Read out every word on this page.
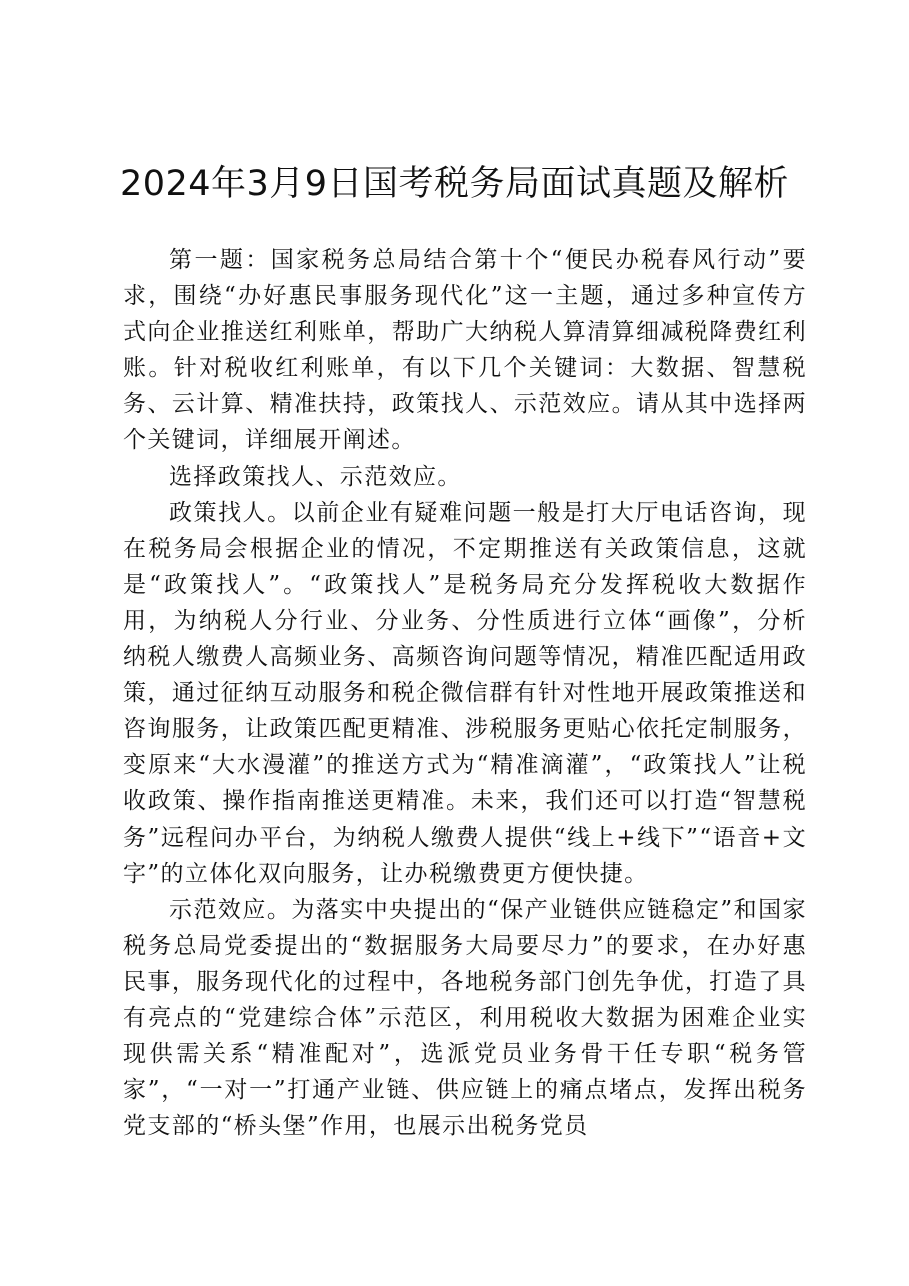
2024年3月9日国考税务局面试真题及解析

第一题：国家税务总局结合第十个“便民办税春风行动”要求，围绕“办好惠民事服务现代化”这一主题，通过多种宣传方式向企业推送红利账单，帮助广大纳税人算清算细减税降费红利账。针对税收红利账单，有以下几个关键词：大数据、智慧税务、云计算、精准扶持，政策找人、示范效应。请从其中选择两个关键词，详细展开阐述。

选择政策找人、示范效应。

政策找人。以前企业有疑难问题一般是打大厅电话咨询，现在税务局会根据企业的情况，不定期推送有关政策信息，这就是“政策找人”。“政策找人”是税务局充分发挥税收大数据作用，为纳税人分行业、分业务、分性质进行立体“画像”，分析纳税人缴费人高频业务、高频咨询问题等情况，精准匹配适用政策，通过征纳互动服务和税企微信群有针对性地开展政策推送和咨询服务，让政策匹配更精准、涉税服务更贴心依托定制服务，变原来“大水漫灌”的推送方式为“精准滴灌”，“政策找人”让税收政策、操作指南推送更精准。未来，我们还可以打造“智慧税务”远程问办平台，为纳税人缴费人提供“线上+线下”“语音+文字”的立体化双向服务，让办税缴费更方便快捷。

示范效应。为落实中央提出的“保产业链供应链稳定”和国家税务总局党委提出的“数据服务大局要尽力”的要求，在办好惠民事，服务现代化的过程中，各地税务部门创先争优，打造了具有亮点的“党建综合体”示范区，利用税收大数据为困难企业实现供需关系“精准配对”，选派党员业务骨干任专职“税务管家”，“一对一”打通产业链、供应链上的痛点堵点，发挥出税务党支部的“桥头堡”作用，也展示出税务党员
